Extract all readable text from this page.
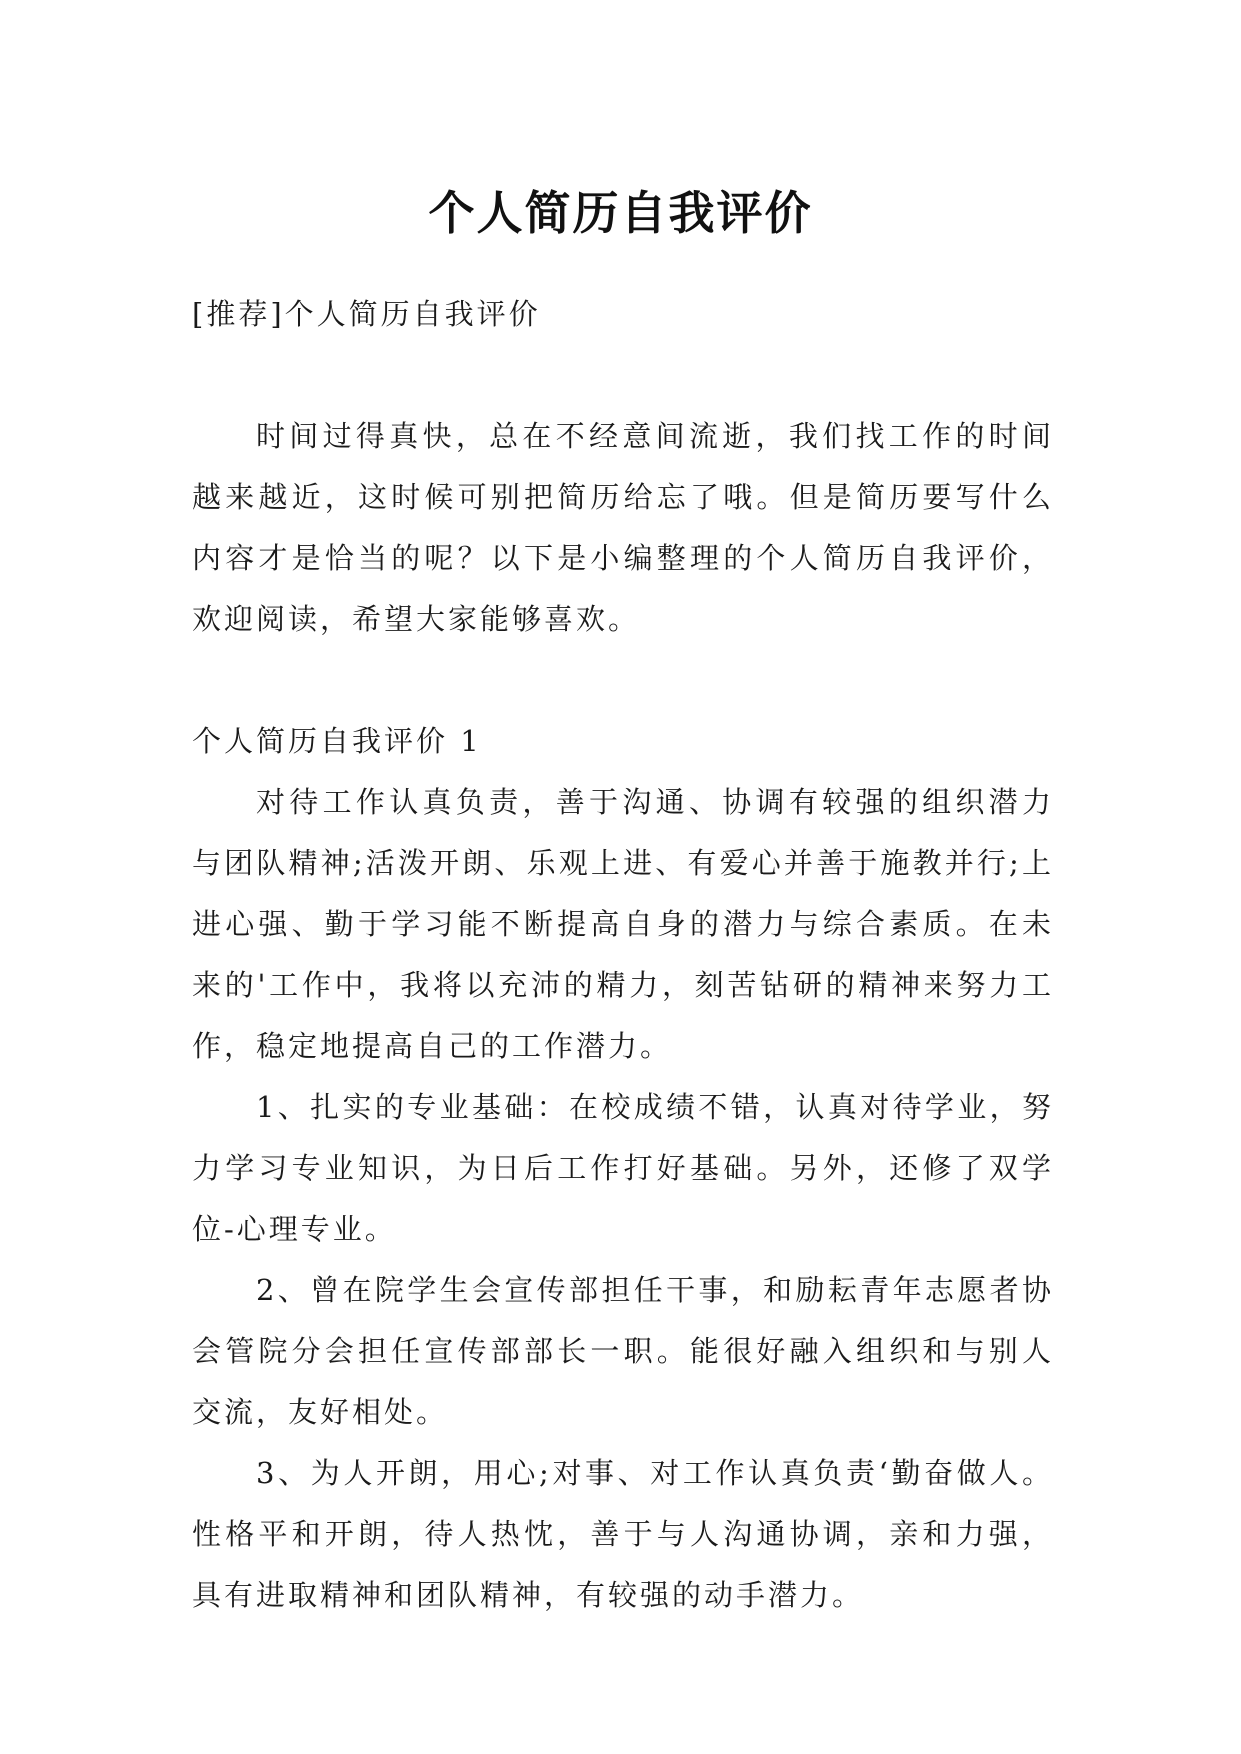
个人简历自我评价

[推荐]个人简历自我评价

时间过得真快，总在不经意间流逝，我们找工作的时间越来越近，这时候可别把简历给忘了哦。但是简历要写什么内容才是恰当的呢？以下是小编整理的个人简历自我评价，欢迎阅读，希望大家能够喜欢。

个人简历自我评价 1

对待工作认真负责，善于沟通、协调有较强的组织潜力与团队精神;活泼开朗、乐观上进、有爱心并善于施教并行;上进心强、勤于学习能不断提高自身的潜力与综合素质。在未来的'工作中，我将以充沛的精力，刻苦钻研的精神来努力工作，稳定地提高自己的工作潜力。

1、扎实的专业基础：在校成绩不错，认真对待学业，努力学习专业知识，为日后工作打好基础。另外，还修了双学位-心理专业。

2、曾在院学生会宣传部担任干事，和励耘青年志愿者协会管院分会担任宣传部部长一职。能很好融入组织和与别人交流，友好相处。

3、为人开朗，用心;对事、对工作认真负责‘勤奋做人。性格平和开朗，待人热忱，善于与人沟通协调，亲和力强，具有进取精神和团队精神，有较强的动手潜力。
